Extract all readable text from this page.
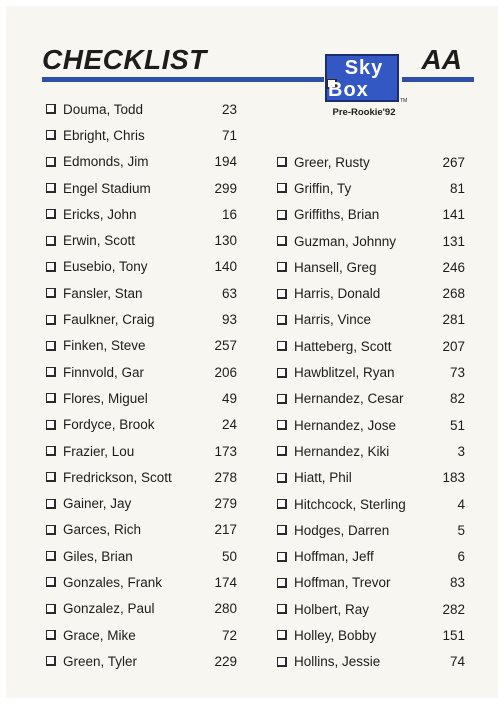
CHECKLIST	AA
Sky
Box	TM
Pre-Rookie'92
Douma, Todd	23
Ebright, Chris	71
Edmonds, Jim	194
Engel Stadium	299
Ericks, John	16
Erwin, Scott	130
Eusebio, Tony	140
Fansler, Stan	63
Faulkner, Craig	93
Finken, Steve	257
Finnvold, Gar	206
Flores, Miguel	49
Fordyce, Brook	24
Frazier, Lou	173
Fredrickson, Scott	278
Gainer, Jay	279
Garces, Rich	217
Giles, Brian	50
Gonzales, Frank	174
Gonzalez, Paul	280
Grace, Mike	72
Green, Tyler	229
Greer, Rusty	267
Griffin, Ty	81
Griffiths, Brian	141
Guzman, Johnny	131
Hansell, Greg	246
Harris, Donald	268
Harris, Vince	281
Hatteberg, Scott	207
Hawblitzel, Ryan	73
Hernandez, Cesar	82
Hernandez, Jose	51
Hernandez, Kiki	3
Hiatt, Phil	183
Hitchcock, Sterling	4
Hodges, Darren	5
Hoffman, Jeff	6
Hoffman, Trevor	83
Holbert, Ray	282
Holley, Bobby	151
Hollins, Jessie	74
